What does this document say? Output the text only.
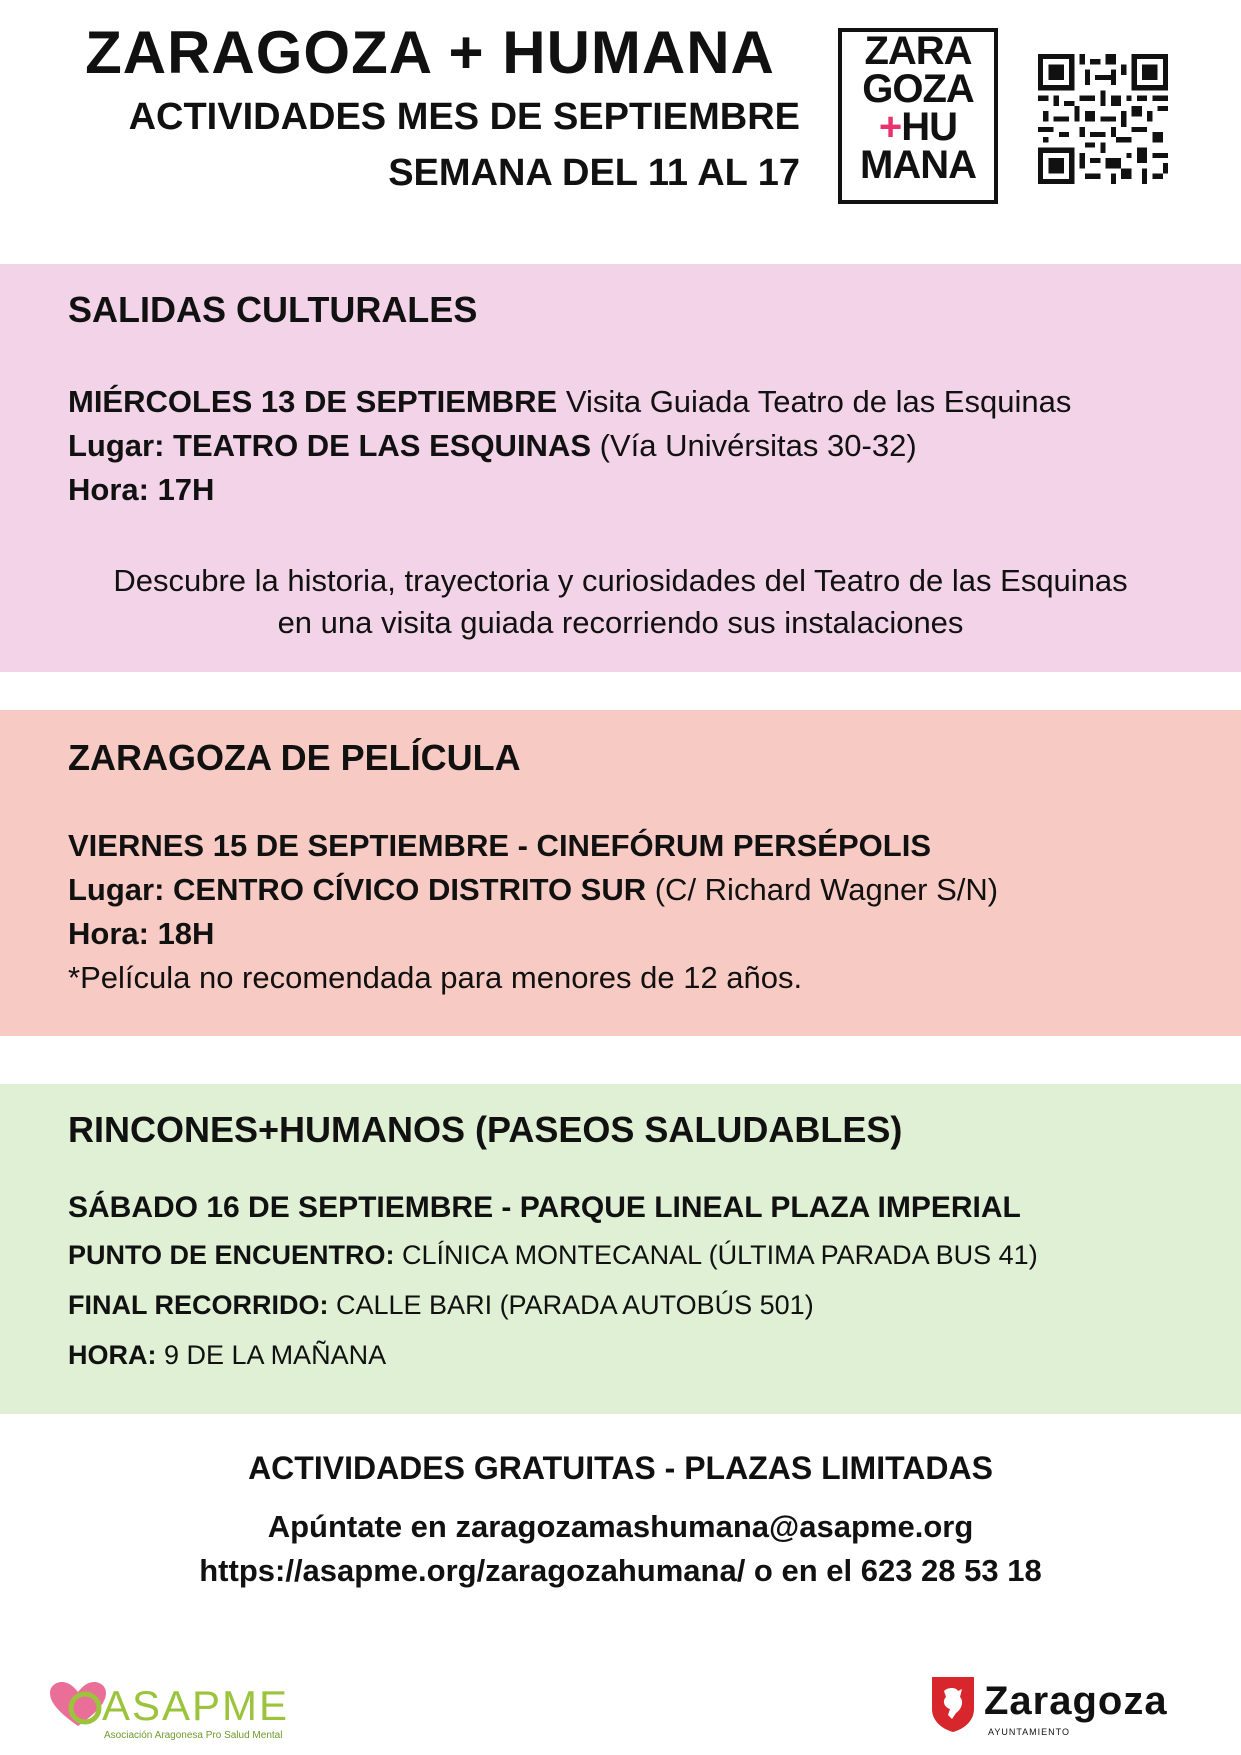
ZARAGOZA + HUMANA
ACTIVIDADES MES DE SEPTIEMBRE
SEMANA DEL 11 AL 17
ZARA
GOZA
+HU
MANA
SALIDAS CULTURALES
MIÉRCOLES 13 DE SEPTIEMBRE Visita Guiada Teatro de las Esquinas
Lugar: TEATRO DE LAS ESQUINAS (Vía Univérsitas 30-32)
Hora: 17H
Descubre la historia, trayectoria y curiosidades del Teatro de las Esquinas
en una visita guiada recorriendo sus instalaciones
ZARAGOZA DE PELÍCULA
VIERNES 15 DE SEPTIEMBRE - CINEFÓRUM PERSÉPOLIS
Lugar: CENTRO CÍVICO DISTRITO SUR (C/ Richard Wagner S/N)
Hora: 18H
*Película no recomendada para menores de 12 años.
RINCONES+HUMANOS (PASEOS SALUDABLES)
SÁBADO 16 DE SEPTIEMBRE - PARQUE LINEAL PLAZA IMPERIAL
PUNTO DE ENCUENTRO: CLÍNICA MONTECANAL (ÚLTIMA PARADA BUS 41)
FINAL RECORRIDO: CALLE BARI (PARADA AUTOBÚS 501)
HORA: 9 DE LA MAÑANA
ACTIVIDADES GRATUITAS - PLAZAS LIMITADAS
Apúntate en zaragozamashumana@asapme.org
https://asapme.org/zaragozahumana/ o en el 623 28 53 18
ASAPME
Asociación Aragonesa Pro Salud Mental
Zaragoza
AYUNTAMIENTO
